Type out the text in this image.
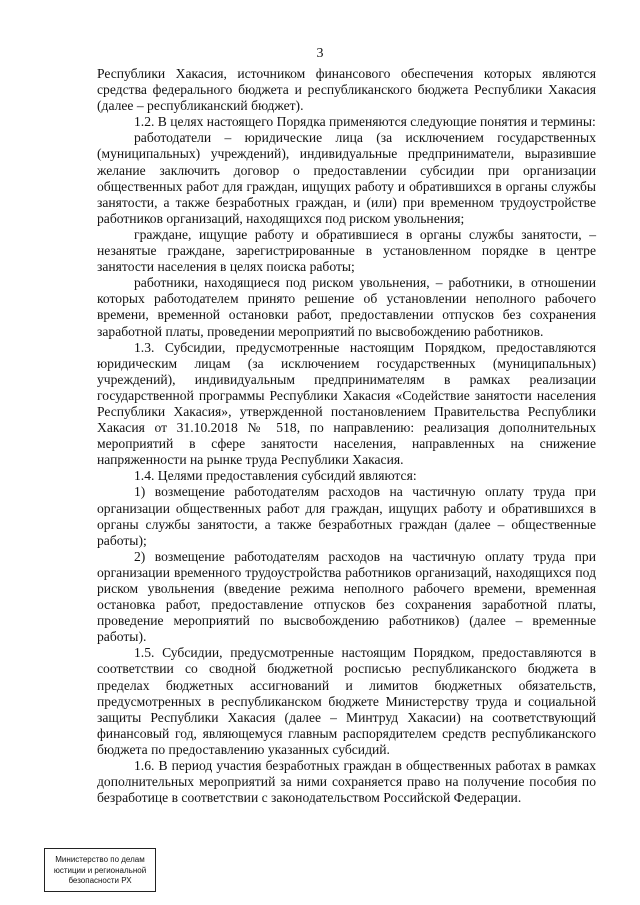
3

Республики Хакасия, источником финансового обеспечения которых являются средства федерального бюджета и республиканского бюджета Республики Хакасия (далее – республиканский бюджет).

1.2. В целях настоящего Порядка применяются следующие понятия и термины:

работодатели – юридические лица (за исключением государственных (муниципальных) учреждений), индивидуальные предприниматели, выразившие желание заключить договор о предоставлении субсидии при организации общественных работ для граждан, ищущих работу и обратившихся в органы службы занятости, а также безработных граждан, и (или) при временном трудоустройстве работников организаций, находящихся под риском увольнения;

граждане, ищущие работу и обратившиеся в органы службы занятости, – незанятые граждане, зарегистрированные в установленном порядке в центре занятости населения в целях поиска работы;

работники, находящиеся под риском увольнения, – работники, в отношении которых работодателем принято решение об установлении неполного рабочего времени, временной остановки работ, предоставлении отпусков без сохранения заработной платы, проведении мероприятий по высвобождению работников.

1.3. Субсидии, предусмотренные настоящим Порядком, предоставляются юридическим лицам (за исключением государственных (муниципальных) учреждений), индивидуальным предпринимателям в рамках реализации государственной программы Республики Хакасия «Содействие занятости населения Республики Хакасия», утвержденной постановлением Правительства Республики Хакасия от 31.10.2018 № 518, по направлению: реализация дополнительных мероприятий в сфере занятости населения, направленных на снижение напряженности на рынке труда Республики Хакасия.

1.4. Целями предоставления субсидий являются:

1) возмещение работодателям расходов на частичную оплату труда при организации общественных работ для граждан, ищущих работу и обратившихся в органы службы занятости, а также безработных граждан (далее – общественные работы);

2) возмещение работодателям расходов на частичную оплату труда при организации временного трудоустройства работников организаций, находящихся под риском увольнения (введение режима неполного рабочего времени, временная остановка работ, предоставление отпусков без сохранения заработной платы, проведение мероприятий по высвобождению работников) (далее – временные работы).

1.5. Субсидии, предусмотренные настоящим Порядком, предоставляются в соответствии со сводной бюджетной росписью республиканского бюджета в пределах бюджетных ассигнований и лимитов бюджетных обязательств, предусмотренных в республиканском бюджете Министерству труда и социальной защиты Республики Хакасия (далее – Минтруд Хакасии) на соответствующий финансовый год, являющемуся главным распорядителем средств республиканского бюджета по предоставлению указанных субсидий.

1.6. В период участия безработных граждан в общественных работах в рамках дополнительных мероприятий за ними сохраняется право на получение пособия по безработице в соответствии с законодательством Российской Федерации.

Министерство по делам
юстиции и региональной
безопасности РХ
